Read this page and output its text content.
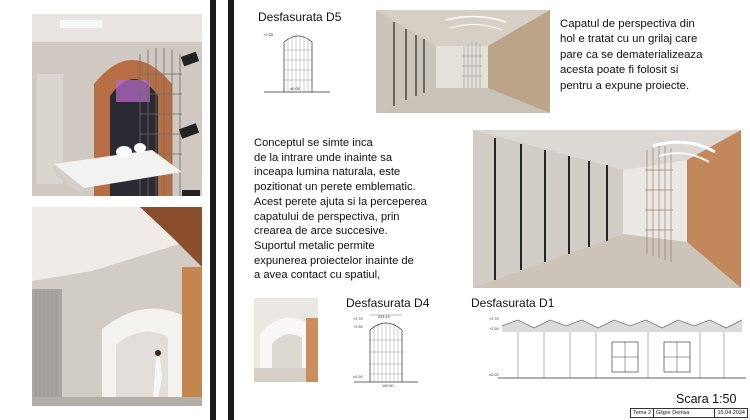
Desfasurata D5
+2.55
±0.00
Capatul de perspectiva din
hol e tratat cu un grilaj care
pare ca se dematerializeaza
acesta poate fi folosit si
pentru a expune proiecte.
Conceptul se simte inca
de la intrare unde inainte sa
inceapa lumina naturala, este
pozitionat un perete emblematic.
Acest perete ajuta si la perceperea
capatului de perspectiva, prin
crearea de arce succesive.
Suportul metalic permite
expunerea proiectelor inainte de
a avea contact cu spatiul,
Desfasurata D4
+2.75
+2.55
±0.00
234.49
190.00
Desfasurata D1
+2.75
+2.55
±0.00
Scara 1:50
Tema 2 Gligor Denisa	15.04.2024
